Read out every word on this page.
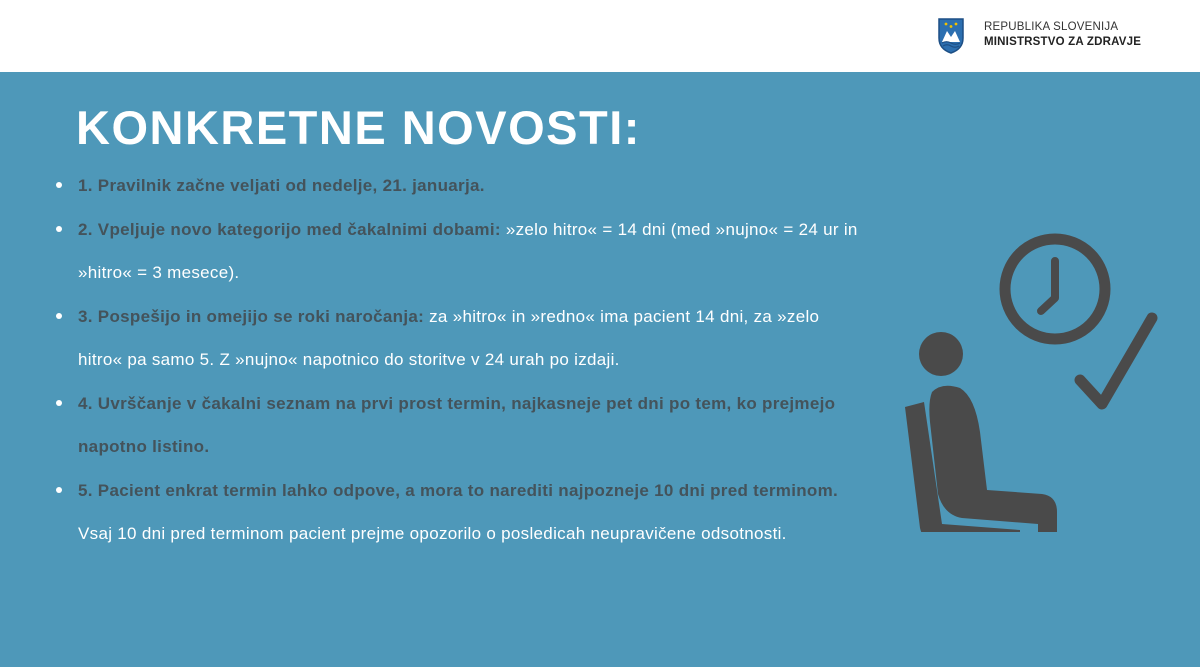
REPUBLIKA SLOVENIJA
MINISTRSTVO ZA ZDRAVJE
KONKRETNE NOVOSTI:
1. Pravilnik začne veljati od nedelje, 21. januarja.
2. Vpeljuje novo kategorijo med čakalnimi dobami: »zelo hitro« = 14 dni (med »nujno« = 24 ur in »hitro« = 3 mesece).
3. Pospešijo in omejijo se roki naročanja: za »hitro« in »redno« ima pacient 14 dni, za »zelo hitro« pa samo 5. Z »nujno« napotnico do storitve v 24 urah po izdaji.
4. Uvrščanje v čakalni seznam na prvi prost termin, najkasneje pet dni po tem, ko prejmejo napotno listino.
5. Pacient enkrat termin lahko odpove, a mora to narediti najpozneje 10 dni pred terminom. Vsaj 10 dni pred terminom pacient prejme opozorilo o posledicah neupravičene odsotnosti.
